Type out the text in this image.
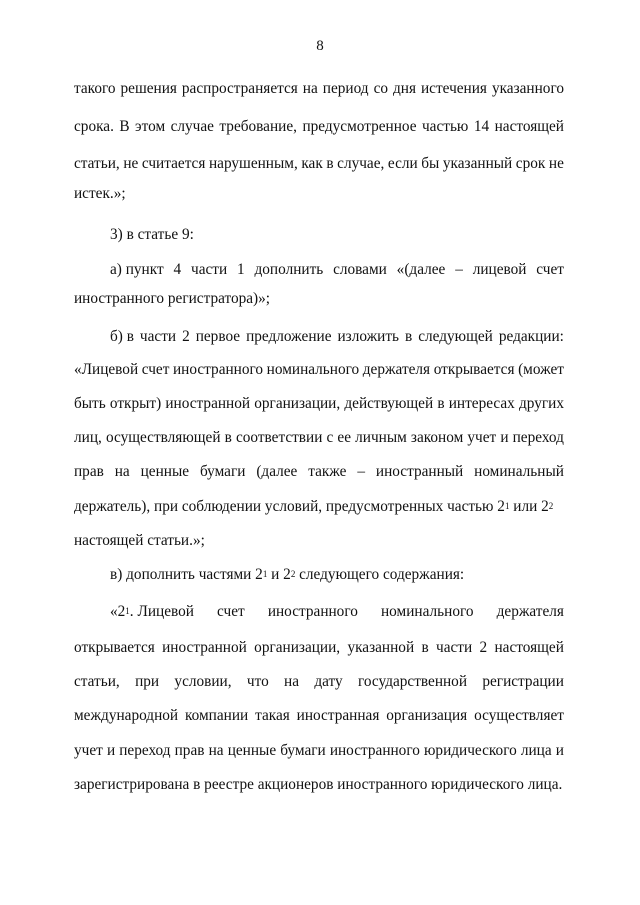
8
такого решения распространяется на период со дня истечения указанного
срока. В этом случае требование, предусмотренное частью 14 настоящей
статьи, не считается нарушенным, как в случае, если бы указанный срок не
истек.»;
3) в статье 9:
а) пункт 4 части 1 дополнить словами «(далее – лицевой счет
иностранного регистратора)»;
б) в части 2 первое предложение изложить в следующей редакции:
«Лицевой счет иностранного номинального держателя открывается (может
быть открыт) иностранной организации, действующей в интересах других
лиц, осуществляющей в соответствии с ее личным законом учет и переход
прав на ценные бумаги (далее также – иностранный номинальный
держатель), при соблюдении условий, предусмотренных частью $2^1$ или $2^2$
настоящей статьи.»;
в) дополнить частями $2^1$ и $2^2$ следующего содержания:
«$2^1$. Лицевой счет иностранного номинального держателя
открывается иностранной организации, указанной в части 2 настоящей
статьи, при условии, что на дату государственной регистрации
международной компании такая иностранная организация осуществляет
учет и переход прав на ценные бумаги иностранного юридического лица и
зарегистрирована в реестре акционеров иностранного юридического лица.
